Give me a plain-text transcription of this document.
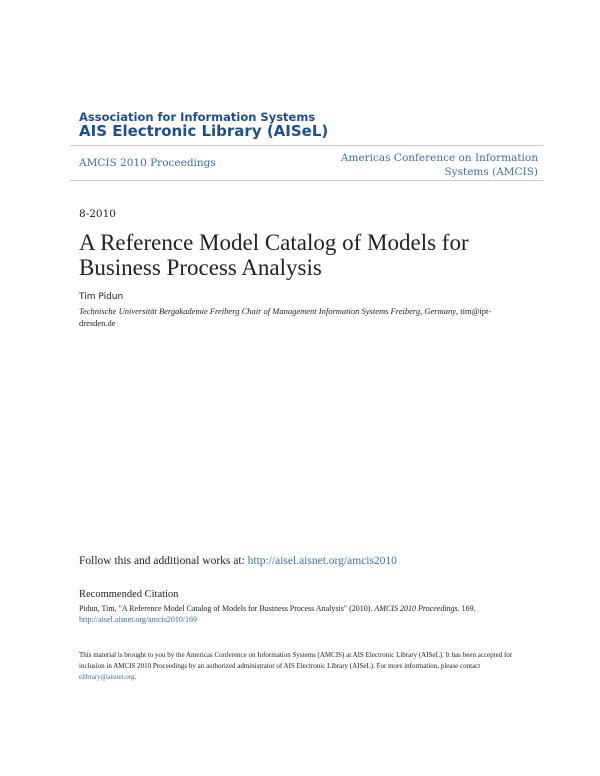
Association for Information Systems
AIS Electronic Library (AISeL)
AMCIS 2010 Proceedings	Americas Conference on Information Systems (AMCIS)
8-2010
A Reference Model Catalog of Models for Business Process Analysis
Tim Pidun
Technische Universität Bergakademie Freiberg Chair of Management Information Systems Freiberg, Germany, tim@ipt-dresden.de
Follow this and additional works at: http://aisel.aisnet.org/amcis2010
Recommended Citation
Pidun, Tim, "A Reference Model Catalog of Models for Business Process Analysis" (2010). AMCIS 2010 Proceedings. 169.
http://aisel.aisnet.org/amcis2010/169
This material is brought to you by the Americas Conference on Information Systems (AMCIS) at AIS Electronic Library (AISeL). It has been accepted for inclusion in AMCIS 2010 Proceedings by an authorized administrator of AIS Electronic Library (AISeL). For more information, please contact elibrary@aisnet.org.
